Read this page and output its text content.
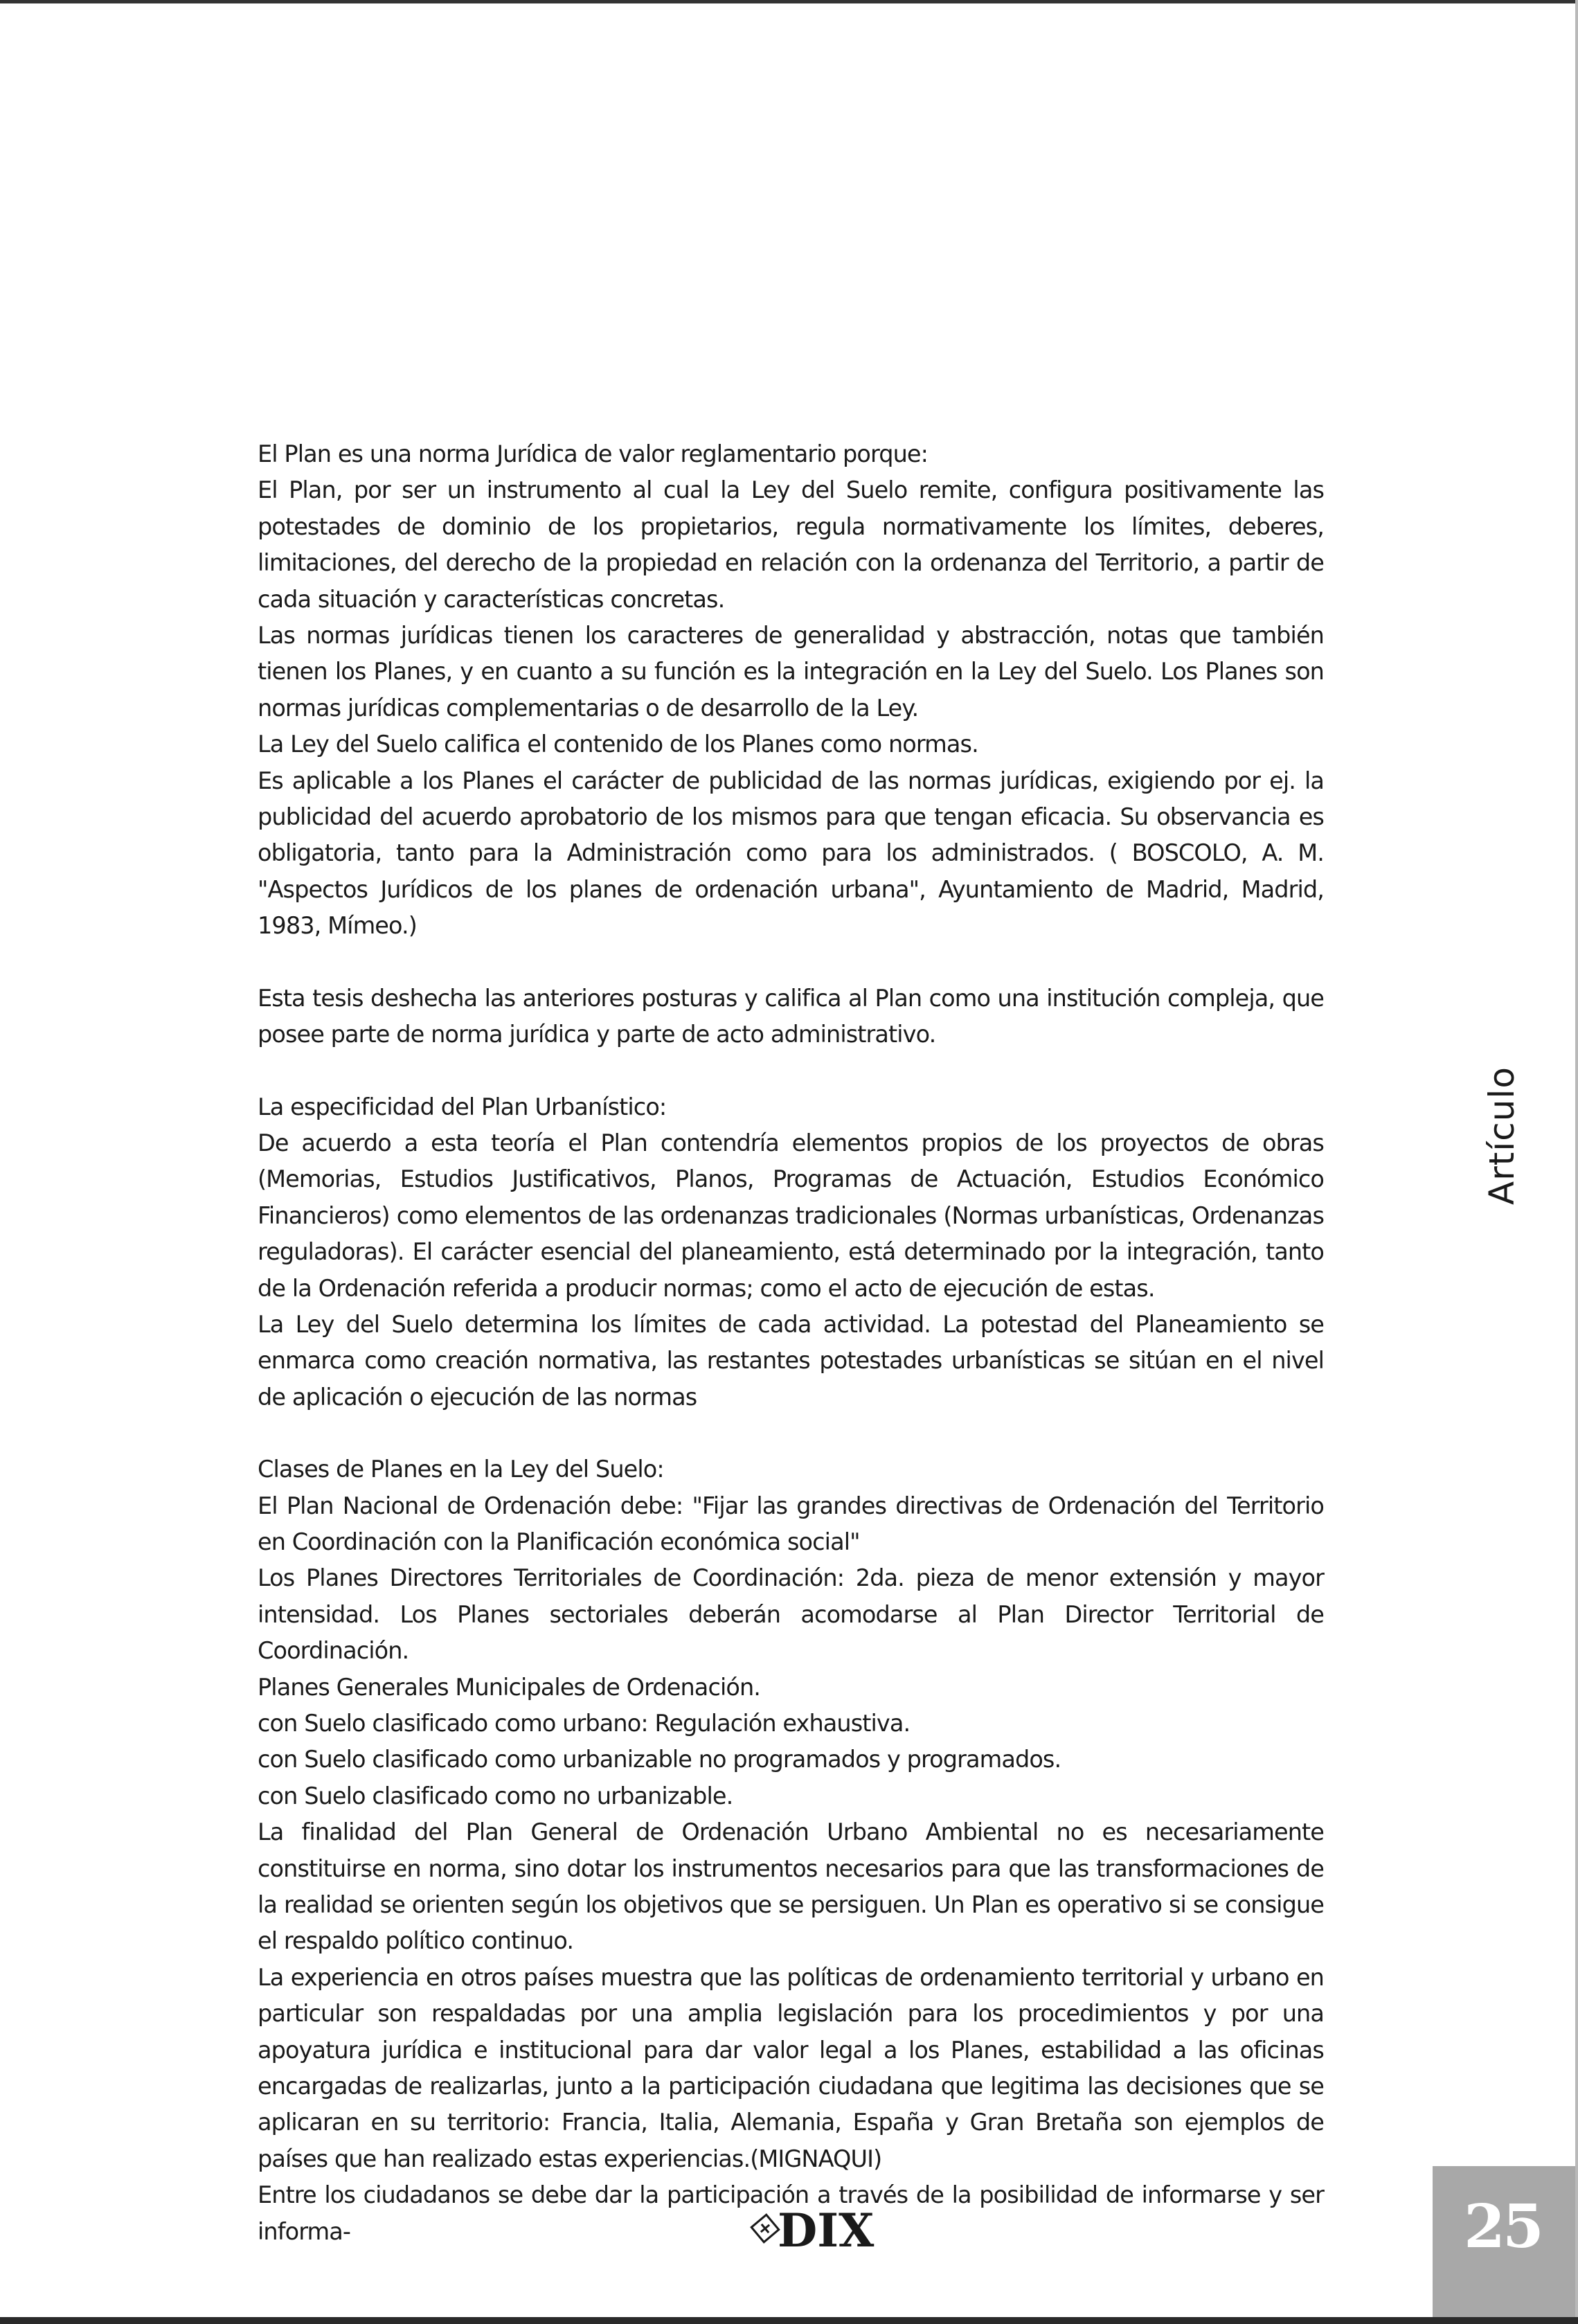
El Plan es una norma Jurídica de valor reglamentario porque:

El Plan, por ser un instrumento al cual la Ley del Suelo remite, configura positivamente las potestades de dominio de los propietarios, regula normativamente los límites, deberes, limitaciones, del derecho de la propiedad en relación con la ordenanza del Territorio, a partir de cada situación y características concretas.

Las normas jurídicas tienen los caracteres de generalidad y abstracción, notas que también tienen los Planes, y en cuanto a su función es la integración en la Ley del Suelo. Los Planes son normas jurídicas complementarias o de desarrollo de la Ley.

La Ley del Suelo califica el contenido de los Planes como normas.

Es aplicable a los Planes el carácter de publicidad de las normas jurídicas, exigiendo por ej. la publicidad del acuerdo aprobatorio de los mismos para que tengan eficacia. Su observancia es obligatoria, tanto para la Administración como para los administrados. ( BOSCOLO, A. M. "Aspectos Jurídicos de los planes de ordenación urbana", Ayuntamiento de Madrid, Madrid, 1983, Mímeo.)

Esta tesis deshecha las anteriores posturas y califica al Plan como una institución compleja, que posee parte de norma jurídica y parte de acto administrativo.

La especificidad del Plan Urbanístico:

De acuerdo a esta teoría el Plan contendría elementos propios de los proyectos de obras (Memorias, Estudios Justificativos, Planos, Programas de Actuación, Estudios Económico Financieros) como elementos de las ordenanzas tradicionales (Normas urbanísticas, Ordenanzas reguladoras). El carácter esencial del planeamiento, está determinado por la integración, tanto de la Ordenación referida a producir normas; como el acto de ejecución de estas.

La Ley del Suelo determina los límites de cada actividad. La potestad del Planeamiento se enmarca como creación normativa, las restantes potestades urbanísticas se sitúan en el nivel de aplicación o ejecución de las normas

Clases de Planes en la Ley del Suelo:

El Plan Nacional de Ordenación debe: "Fijar las grandes directivas de Ordenación del Territorio en Coordinación con la Planificación económica social"

Los Planes Directores Territoriales de Coordinación: 2da. pieza de menor extensión y mayor intensidad. Los Planes sectoriales deberán acomodarse al Plan Director Territorial de Coordinación.

Planes Generales Municipales de Ordenación.

con Suelo clasificado como urbano: Regulación exhaustiva.

con Suelo clasificado como urbanizable no programados y programados.

con Suelo clasificado como no urbanizable.

La finalidad del Plan General de Ordenación Urbano Ambiental no es necesariamente constituirse en norma, sino dotar los instrumentos necesarios para que las transformaciones de la realidad se orienten según los objetivos que se persiguen. Un Plan es operativo si se consigue el respaldo político continuo.

La experiencia en otros países muestra que las políticas de ordenamiento territorial y urbano en particular son respaldadas por una amplia legislación para los procedimientos y por una apoyatura jurídica e institucional para dar valor legal a los Planes, estabilidad a las oficinas encargadas de realizarlas, junto a la participación ciudadana que legitima las decisiones que se aplicaran en su territorio: Francia, Italia, Alemania, España y Gran Bretaña son ejemplos de países que han realizado estas experiencias.(MIGNAQUI)

Entre los ciudadanos se debe dar la participación a través de la posibilidad de informarse y ser informa-

Artículo
DIX	25
